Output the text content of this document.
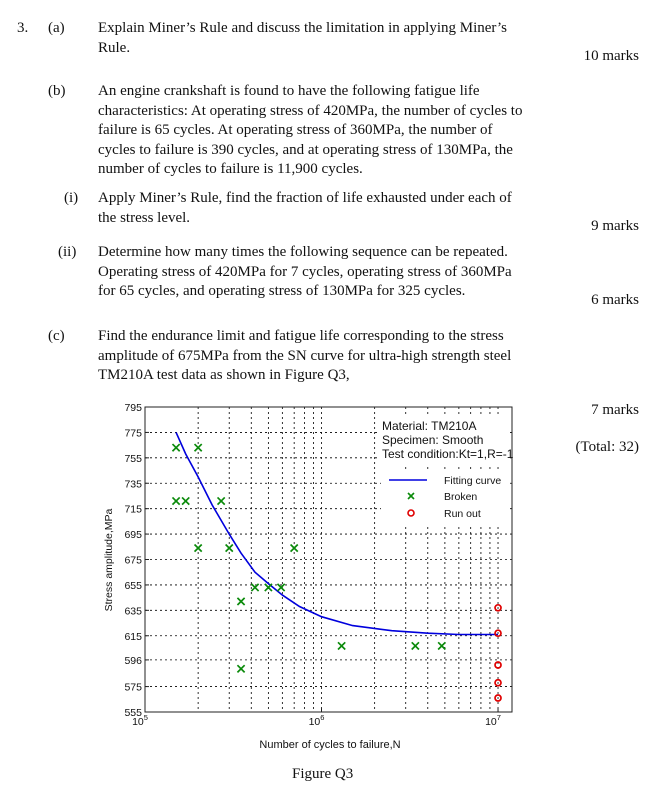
3. (a) Explain Miner’s Rule and discuss the limitation in applying Miner’s
Rule.
10 marks
(b) An engine crankshaft is found to have the following fatigue life
characteristics: At operating stress of 420MPa, the number of cycles to
failure is 65 cycles. At operating stress of 360MPa, the number of
cycles to failure is 390 cycles, and at operating stress of 130MPa, the
number of cycles to failure is 11,900 cycles.
(i) Apply Miner’s Rule, find the fraction of life exhausted under each of
the stress level.
9 marks
(ii) Determine how many times the following sequence can be repeated.
Operating stress of 420MPa for 7 cycles, operating stress of 360MPa
for 65 cycles, and operating stress of 130MPa for 325 cycles.
6 marks
(c) Find the endurance limit and fatigue life corresponding to the stress
amplitude of 675MPa from the SN curve for ultra-high strength steel
TM210A test data as shown in Figure Q3,
7 marks
(Total: 32)
Material: TM210A
Specimen: Smooth
Test condition:Kt=1,R=-1
Fitting curve
Broken
Run out
795
775
755
735
715
695
675
655
635
615
596
575
555
$10^5$	$10^6$	$10^7$
Number of cycles to failure,N
Stress amplitude,MPa
Figure Q3
